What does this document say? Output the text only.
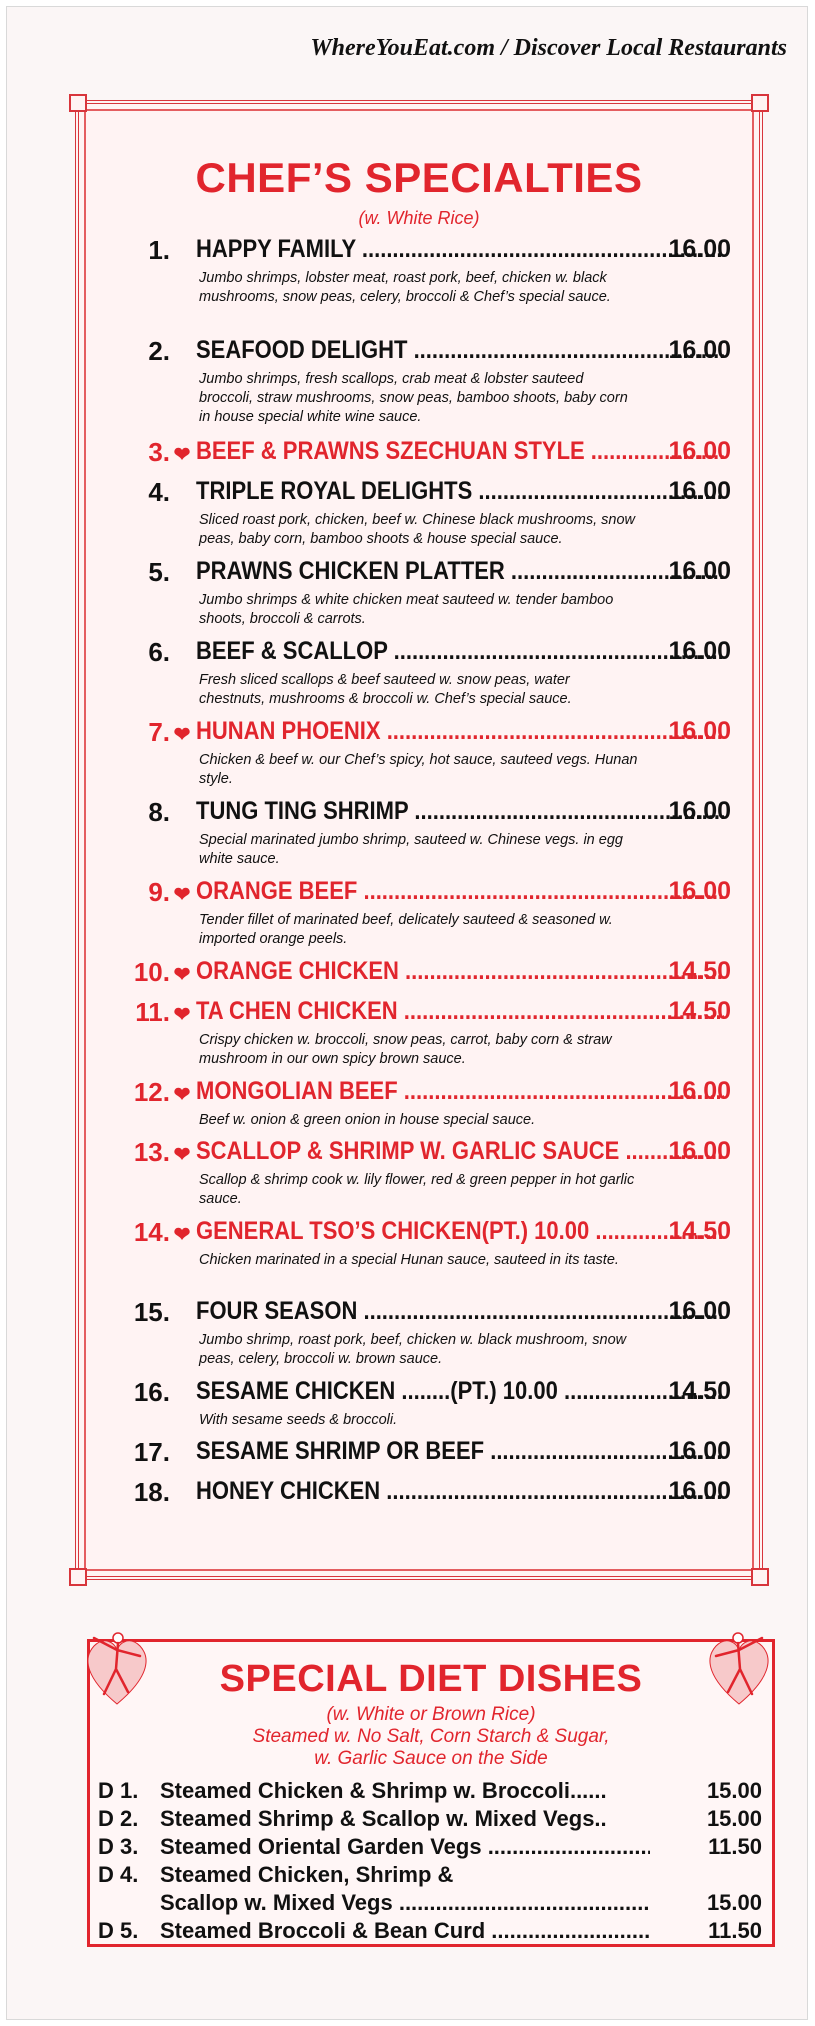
WhereYouEat.com / Discover Local Restaurants
CHEF’S SPECIALTIES
(w. White Rice)
1.	HAPPY FAMILY .....	16.00
Jumbo shrimps, lobster meat, roast pork, beef, chicken w. black mushrooms, snow peas, celery, broccoli & Chef’s special sauce.
2.	SEAFOOD DELIGHT .....	16.00
Jumbo shrimps, fresh scallops, crab meat & lobster sauteed broccoli, straw mushrooms, snow peas, bamboo shoots, baby corn in house special white wine sauce.
3. ❤ BEEF & PRAWNS SZECHUAN STYLE .....	16.00
4.	TRIPLE ROYAL DELIGHTS .....	16.00
Sliced roast pork, chicken, beef w. Chinese black mushrooms, snow peas, baby corn, bamboo shoots & house special sauce.
5.	PRAWNS CHICKEN PLATTER .....	16.00
Jumbo shrimps & white chicken meat sauteed w. tender bamboo shoots, broccoli & carrots.
6.	BEEF & SCALLOP .....	16.00
Fresh sliced scallops & beef sauteed w. snow peas, water chestnuts, mushrooms & broccoli w. Chef’s special sauce.
7. ❤ HUNAN PHOENIX .....	16.00
Chicken & beef w. our Chef’s spicy, hot sauce, sauteed vegs. Hunan style.
8.	TUNG TING SHRIMP .....	16.00
Special marinated jumbo shrimp, sauteed w. Chinese vegs. in egg white sauce.
9. ❤ ORANGE BEEF .....	16.00
Tender fillet of marinated beef, delicately sauteed & seasoned w. imported orange peels.
10. ❤ ORANGE CHICKEN .....	14.50
11. ❤ TA CHEN CHICKEN .....	14.50
Crispy chicken w. broccoli, snow peas, carrot, baby corn & straw mushroom in our own spicy brown sauce.
12. ❤ MONGOLIAN BEEF .....	16.00
Beef w. onion & green onion in house special sauce.
13. ❤ SCALLOP & SHRIMP W. GARLIC SAUCE .....	16.00
Scallop & shrimp cook w. lily flower, red & green pepper in hot garlic sauce.
14. ❤ GENERAL TSO’S CHICKEN(PT.) 10.00 .....	14.50
Chicken marinated in a special Hunan sauce, sauteed in its taste.
15.	FOUR SEASON .....	16.00
Jumbo shrimp, roast pork, beef, chicken w. black mushroom, snow peas, celery, broccoli w. brown sauce.
16.	SESAME CHICKEN ........(PT.) 10.00 .....	14.50
With sesame seeds & broccoli.
17.	SESAME SHRIMP OR BEEF .....	16.00
18.	HONEY CHICKEN .....	16.00
SPECIAL DIET DISHES
(w. White or Brown Rice)
Steamed w. No Salt, Corn Starch & Sugar,
w. Garlic Sauce on the Side
D 1. Steamed Chicken & Shrimp w. Broccoli......	15.00
D 2. Steamed Shrimp & Scallop w. Mixed Vegs..	15.00
D 3. Steamed Oriental Garden Vegs .....	11.50
D 4. Steamed Chicken, Shrimp &
Scallop w. Mixed Vegs .....	15.00
D 5. Steamed Broccoli & Bean Curd .....	11.50
